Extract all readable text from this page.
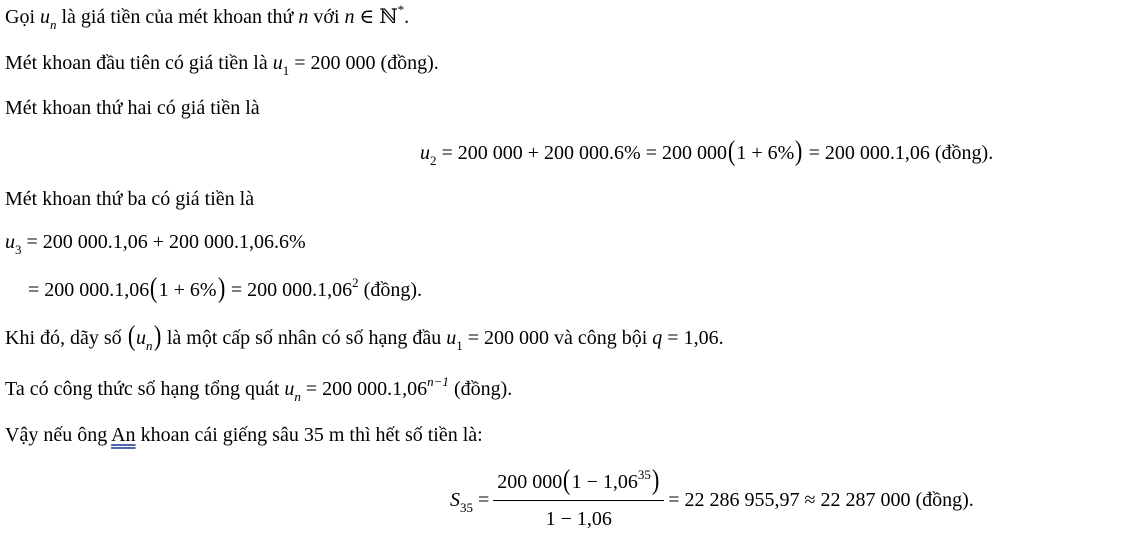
Gọi $u_n$ là giá tiền của mét khoan thứ n với n ∈ ℕ*.
Mét khoan đầu tiên có giá tiền là $u_1 = 200$ 000 (đồng).
Mét khoan thứ hai có giá tiền là
$u_2 = 200$ 000 + 200 000.6% = 200 000(1 + 6%) = 200 000.1,06 (đồng).
Mét khoan thứ ba có giá tiền là
$u_3 = 200$ 000.1,06 + 200 000.1,06.6%
= 200 000.1,06(1 + 6%) = 200 000.1,06$^2$ (đồng).
Khi đó, dãy số $(u_n)$ là một cấp số nhân có số hạng đầu $u_1 = 200$ 000 và công bội q = 1,06.
Ta có công thức số hạng tổng quát $u_n = 200$ $000.1,06^{n-1}$ (đồng).
Vậy nếu ông An khoan cái giếng sâu 35 m thì hết số tiền là:
$S_{35} = \frac{200 000(1 - 1,06^{35})}{1 - 1,06} = 22$ 286 955,97 ≈ 22 287 000 (đồng).
